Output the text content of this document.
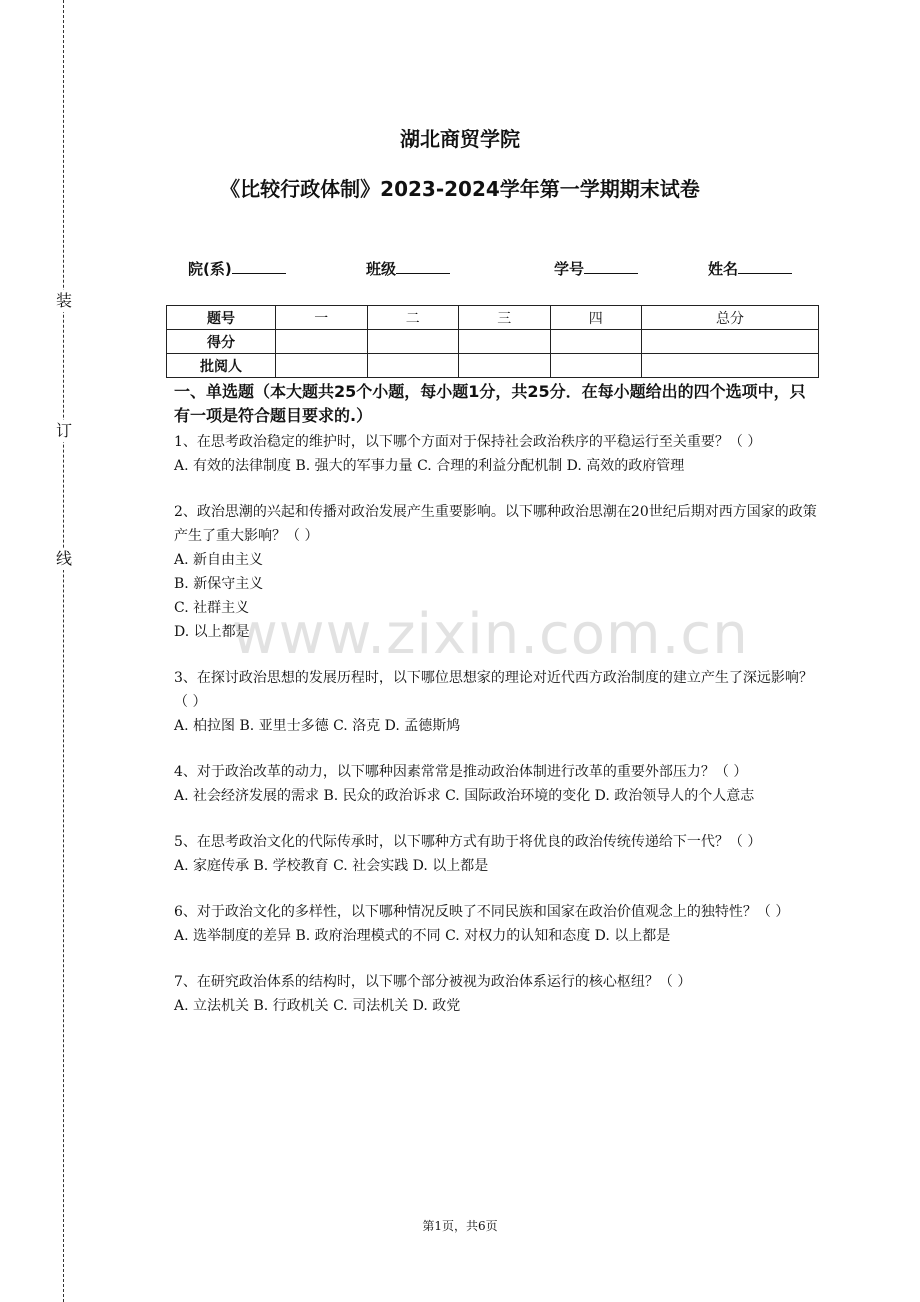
装
订
线
湖北商贸学院
《比较行政体制》2023-2024学年第一学期期末试卷
院(系)	班级	学号	姓名
题号	一	二	三	四	总分
得分					
批阅人					
一、单选题（本大题共25个小题，每小题1分，共25分．在每小题给出的四个选项中，只有一项是符合题目要求的.）

1、在思考政治稳定的维护时，以下哪个方面对于保持社会政治秩序的平稳运行至关重要？（ ）

A. 有效的法律制度 B. 强大的军事力量 C. 合理的利益分配机制 D. 高效的政府管理

2、政治思潮的兴起和传播对政治发展产生重要影响。以下哪种政治思潮在20世纪后期对西方国家的政策产生了重大影响？（ ）

A. 新自由主义

B. 新保守主义

C. 社群主义

D. 以上都是

3、在探讨政治思想的发展历程时，以下哪位思想家的理论对近代西方政治制度的建立产生了深远影响？（ ）

A. 柏拉图 B. 亚里士多德 C. 洛克 D. 孟德斯鸠

4、对于政治改革的动力，以下哪种因素常常是推动政治体制进行改革的重要外部压力？（ ）

A. 社会经济发展的需求 B. 民众的政治诉求 C. 国际政治环境的变化 D. 政治领导人的个人意志

5、在思考政治文化的代际传承时，以下哪种方式有助于将优良的政治传统传递给下一代？（ ）

A. 家庭传承 B. 学校教育 C. 社会实践 D. 以上都是

6、对于政治文化的多样性，以下哪种情况反映了不同民族和国家在政治价值观念上的独特性？（ ）

A. 选举制度的差异 B. 政府治理模式的不同 C. 对权力的认知和态度 D. 以上都是

7、在研究政治体系的结构时，以下哪个部分被视为政治体系运行的核心枢纽？（ ）

A. 立法机关 B. 行政机关 C. 司法机关 D. 政党

www.zixin.com.cn
第1页，共6页
